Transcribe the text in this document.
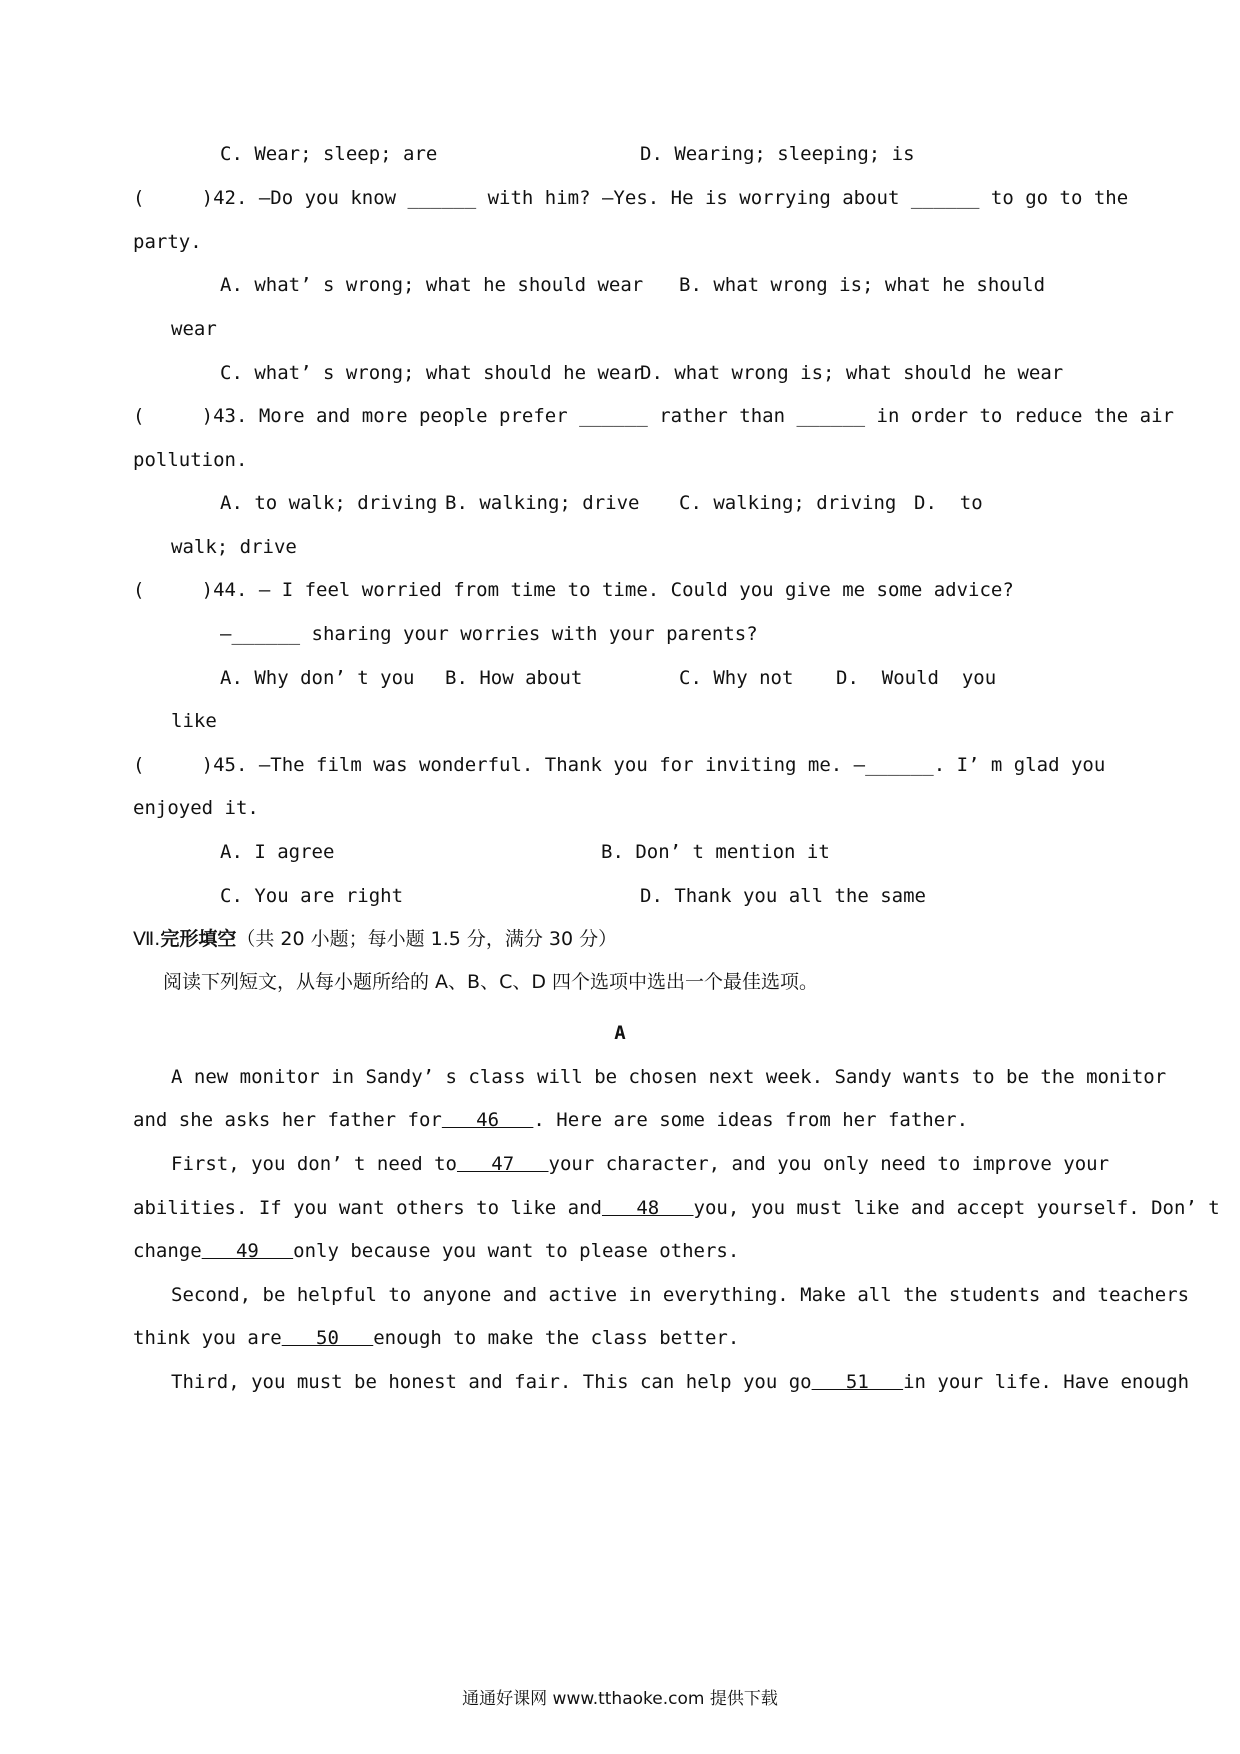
C. Wear; sleep; are	D. Wearing; sleeping; is
(     )42. —Do you know ______ with him? —Yes. He is worrying about ______ to go to the
party.
A. what’ s wrong; what he should wear B. what wrong is; what he should
wear
C. what’ s wrong; what should he wear
D. what wrong is; what should he wear
(     )43. More and more people prefer ______ rather than ______ in order to reduce the air
pollution.
A. to walk; driving B. walking; drive C. walking; driving D.  to
walk; drive
(     )44. — I feel worried from time to time. Could you give me some advice?
—______ sharing your worries with your parents?
A. Why don’ t you B. How about	C. Why not D.  Would  you
like
(     )45. —The film was wonderful. Thank you for inviting me. —______. I’ m glad you
enjoyed it.
A. I agree	B. Don’ t mention it
C. You are right	D. Thank you all the same
Ⅶ.完形填空（共 20 小题；每小题 1.5 分，满分 30 分）
阅读下列短文，从每小题所给的 A、B、C、D 四个选项中选出一个最佳选项。
A
A new monitor in Sandy’ s class will be chosen next week. Sandy wants to be the monitor
and she asks her father for   46   . Here are some ideas from her father.
First, you don’ t need to   47   your character, and you only need to improve your
abilities. If you want others to like and   48   you, you must like and accept yourself. Don’ t
change   49   only because you want to please others.
Second, be helpful to anyone and active in everything. Make all the students and teachers
think you are   50   enough to make the class better.
Third, you must be honest and fair. This can help you go   51   in your life. Have enough
通通好课网 www.tthaoke.com 提供下载
